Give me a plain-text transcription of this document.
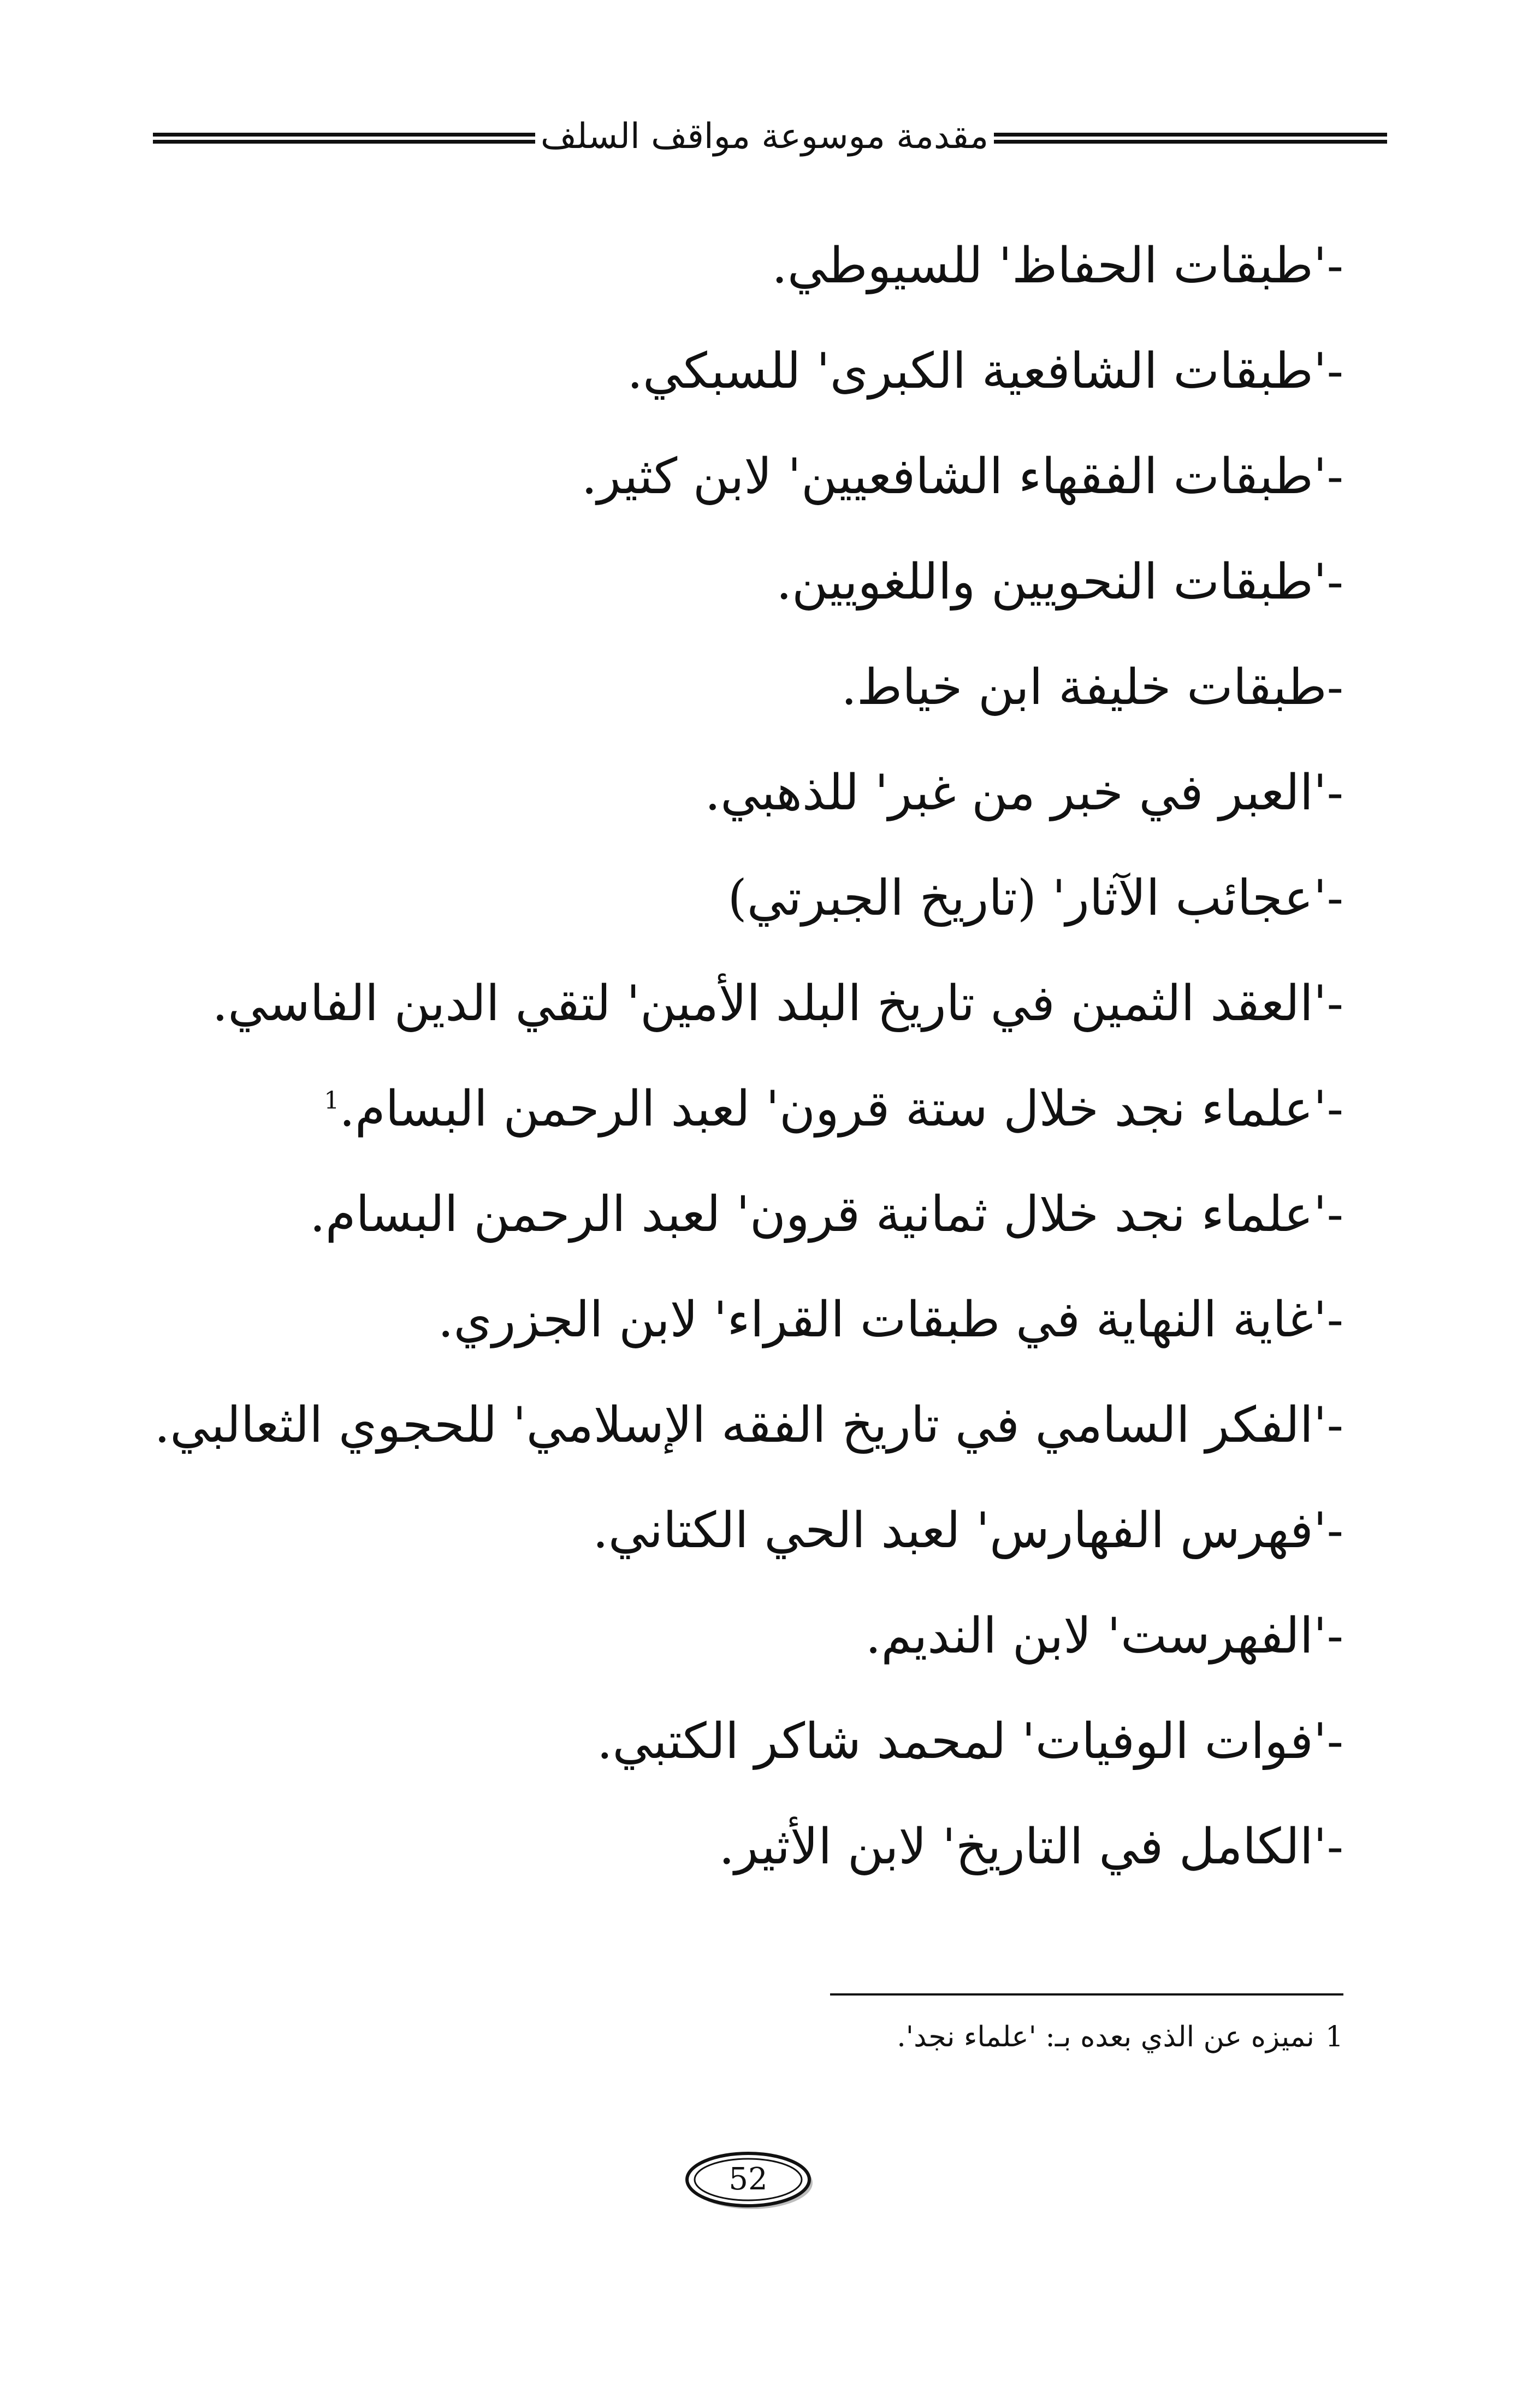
مقدمة موسوعة مواقف السلف
-'طبقات الحفاظ' للسيوطي.
-'طبقات الشافعية الكبرى' للسبكي.
-'طبقات الفقهاء الشافعيين' لابن كثير.
-'طبقات النحويين واللغويين.
-طبقات خليفة ابن خياط.
-'العبر في خبر من غبر' للذهبي.
-'عجائب الآثار' (تاريخ الجبرتي)
-'العقد الثمين في تاريخ البلد الأمين' لتقي الدين الفاسي.
-'علماء نجد خلال ستة قرون' لعبد الرحمن البسام.$^1$
-'علماء نجد خلال ثمانية قرون' لعبد الرحمن البسام.
-'غاية النهاية في طبقات القراء' لابن الجزري.
-'الفكر السامي في تاريخ الفقه الإسلامي' للحجوي الثعالبي.
-'فهرس الفهارس' لعبد الحي الكتاني.
-'الفهرست' لابن النديم.
-'فوات الوفيات' لمحمد شاكر الكتبي.
-'الكامل في التاريخ' لابن الأثير.
1نميزه عن الذي بعده بـ: 'علماء نجد'.
52
